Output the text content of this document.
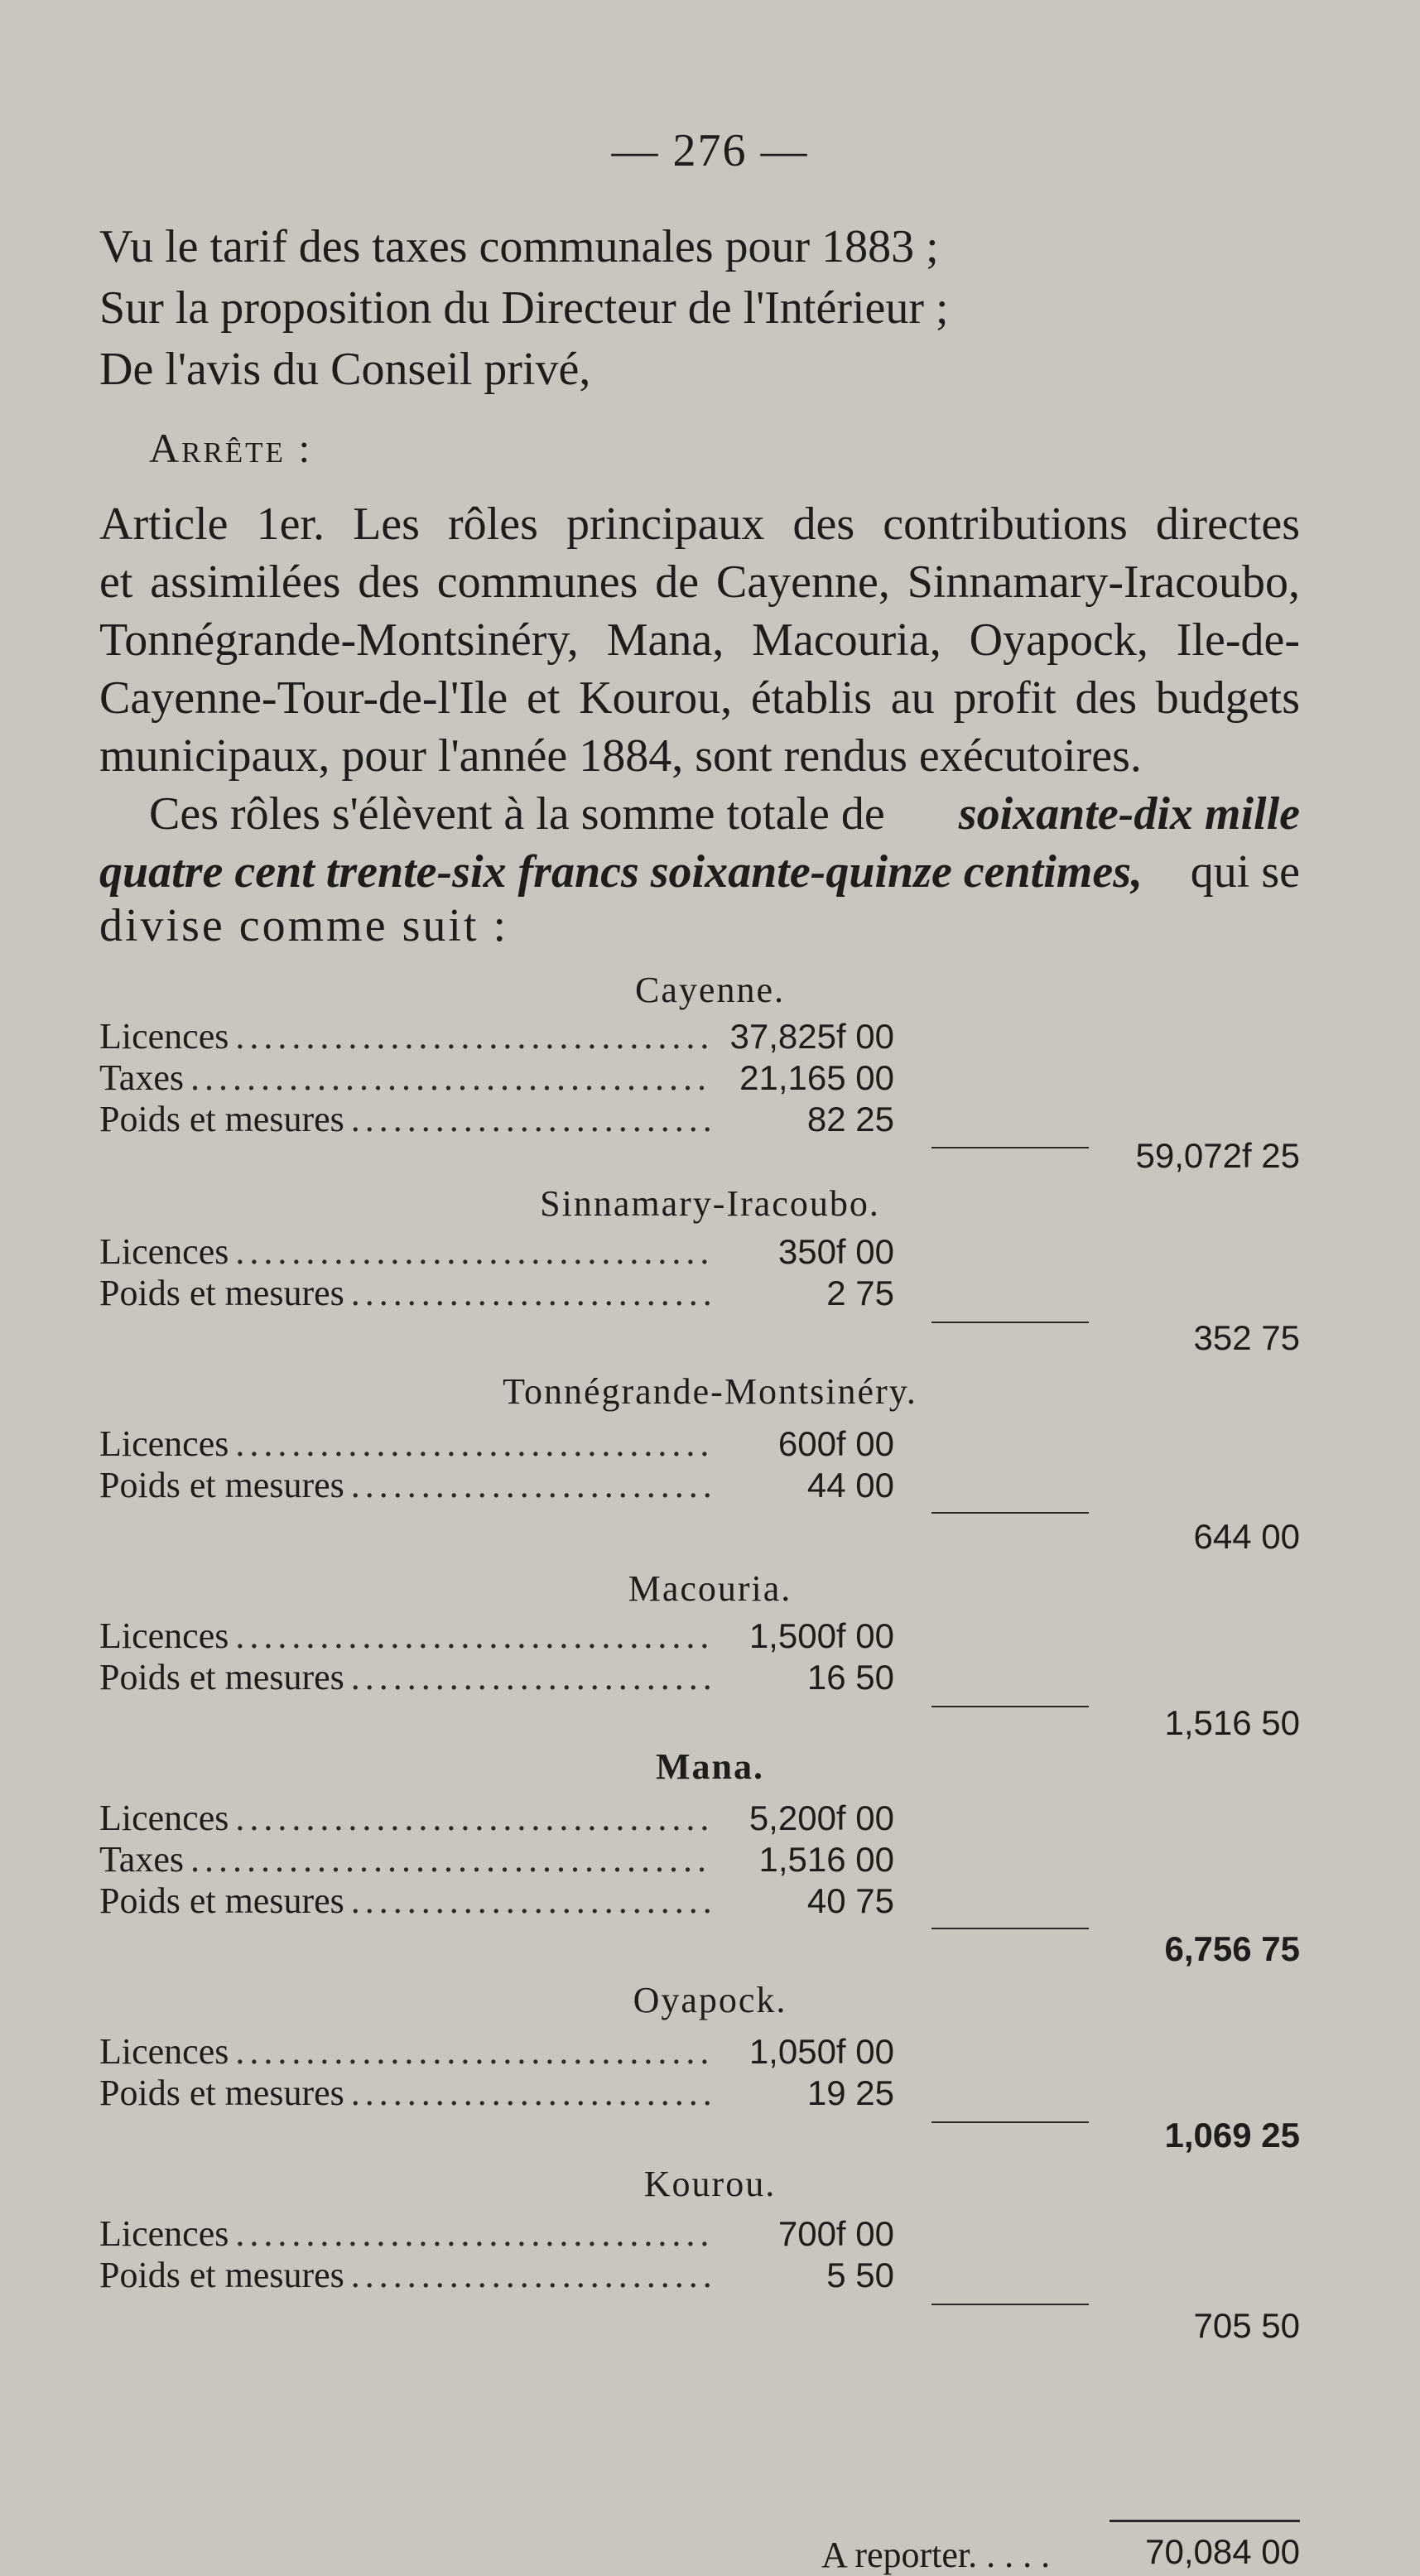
— 276 —
Vu le tarif des taxes communales pour 1883 ;
Sur la proposition du Directeur de l'Intérieur ;
De l'avis du Conseil privé,
Arrête :
Article 1er. Les rôles principaux des contributions directes
et assimilées des communes de Cayenne, Sinnamary-Iracoubo,
Tonnégrande-Montsinéry, Mana, Macouria, Oyapock, Ile-de-
Cayenne-Tour-de-l'Ile et Kourou, établis au profit des budgets
municipaux, pour l'année 1884, sont rendus exécutoires.
Ces rôles s'élèvent à la somme totale de soixante-dix mille
quatre cent trente-six francs soixante-quinze centimes, qui se
divise comme suit :
Cayenne.
Licences .....	37,825f 00
Taxes .....	21,165 00
Poids et mesures .....	82 25
59,072f 25
Sinnamary-Iracoubo.
Licences .....	350f 00
Poids et mesures .....	2 75
352 75
Tonnégrande-Montsinéry.
Licences .....	600f 00
Poids et mesures .....	44 00
644 00
Macouria.
Licences .....	1,500f 00
Poids et mesures .....	16 50
1,516 50
Mana.
Licences .....	5,200f 00
Taxes .....	1,516 00
Poids et mesures .....	40 75
6,756 75
Oyapock.
Licences .....	1,050f 00
Poids et mesures .....	19 25
1,069 25
Kourou.
Licences .....	700f 00
Poids et mesures .....	5 50
705 50
A reporter. . . . .	70,084 00
